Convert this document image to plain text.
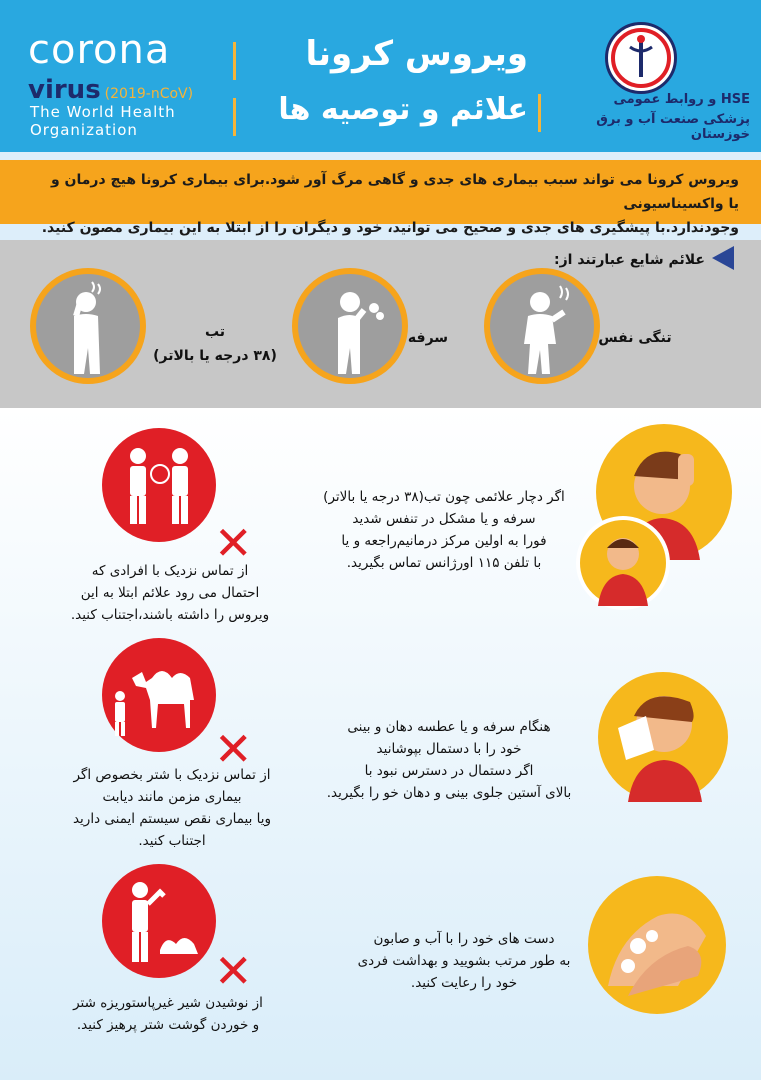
corona
virus (2019-nCoV)
The World Health
Organization
ویروس کرونا
علائم و توصیه ها	HSE و روابط عمومی
پزشکی صنعت آب و برق خوزستان

ویروس کرونا می تواند سبب بیماری های جدی و گاهی مرگ آور شود.برای بیماری کرونا هیچ درمان و یا واکسیناسیونی
وجودندارد.با پیشگیری های جدی و صحیح می توانید، خود و دیگران را از ابتلا به این بیماری مصون کنید.

علائم شایع عبارتند از:
تنگی نفس
سرفه
تب
(۳۸ درجه یا بالاتر)
اگر دچار علائمی چون تب(۳۸ درجه یا بالاتر)
سرفه و یا مشکل در تنفس شدید
فورا به اولین مرکز درمانیم‌راجعه و یا
با تلفن ۱۱۵ اورژانس تماس بگیرید.
هنگام سرفه و یا عطسه دهان و بینی
خود را با دستمال بپوشانید
اگر دستمال در دسترس نبود با
بالای آستین جلوی بینی و دهان خو را بگیرید.
دست های خود را با آب و صابون
به طور مرتب بشویید و بهداشت فردی
خود را رعایت کنید.
✕
از تماس نزدیک با افرادی که
احتمال می رود علائم ابتلا به این
ویروس را داشته باشند،اجتناب کنید.
✕
از تماس نزدیک با شتر بخصوص اگر
بیماری مزمن مانند دیابت
ویا بیماری نقص سیستم ایمنی دارید
اجتناب کنید.
✕
از نوشیدن شیر غیرپاستوریزه شتر
و خوردن گوشت شتر پرهیز کنید.
